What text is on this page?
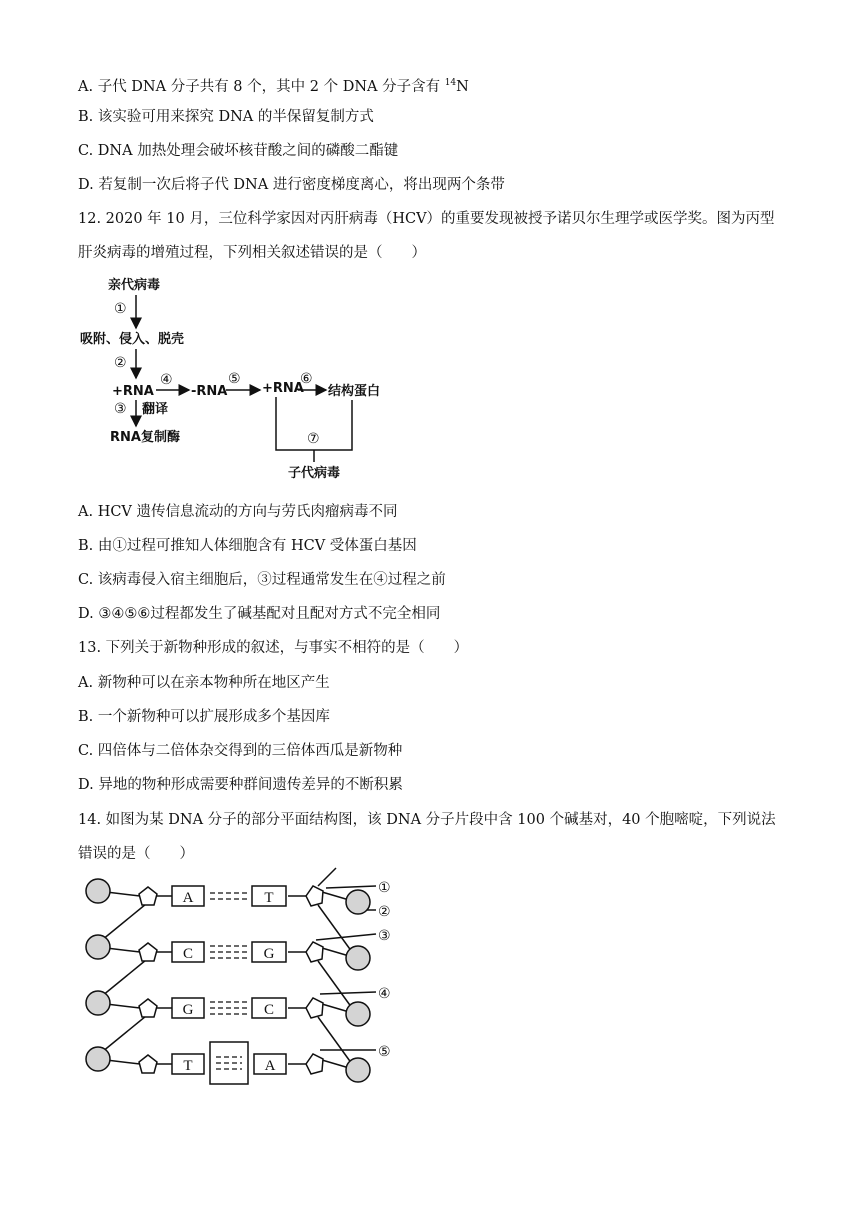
A. 子代 DNA 分子共有 8 个，其中 2 个 DNA 分子含有 $^{14}$N
B. 该实验可用来探究 DNA 的半保留复制方式
C. DNA 加热处理会破坏核苷酸之间的磷酸二酯键
D. 若复制一次后将子代 DNA 进行密度梯度离心，将出现两个条带
12. 2020 年 10 月，三位科学家因对丙肝病毒（HCV）的重要发现被授予诺贝尔生理学或医学奖。图为丙型
肝炎病毒的增殖过程，下列相关叙述错误的是（　　）
亲代病毒
①
吸附、侵入、脱壳
②
+RNA
④
-RNA
⑤
+RNA
⑥
结构蛋白
③ 翻译
RNA复制酶	⑦
子代病毒
A. HCV 遗传信息流动的方向与劳氏肉瘤病毒不同
B. 由①过程可推知人体细胞含有 HCV 受体蛋白基因
C. 该病毒侵入宿主细胞后，③过程通常发生在④过程之前
D. ③④⑤⑥过程都发生了碱基配对且配对方式不完全相同
13. 下列关于新物种形成的叙述，与事实不相符的是（　　）
A. 新物种可以在亲本物种所在地区产生
B. 一个新物种可以扩展形成多个基因库
C. 四倍体与二倍体杂交得到的三倍体西瓜是新物种
D. 异地的物种形成需要种群间遗传差异的不断积累
14. 如图为某 DNA 分子的部分平面结构图，该 DNA 分子片段中含 100 个碱基对，40 个胞嘧啶，下列说法
错误的是（　　）
A	T
C	G
G	C
T	A
①
②
③
④
⑤
